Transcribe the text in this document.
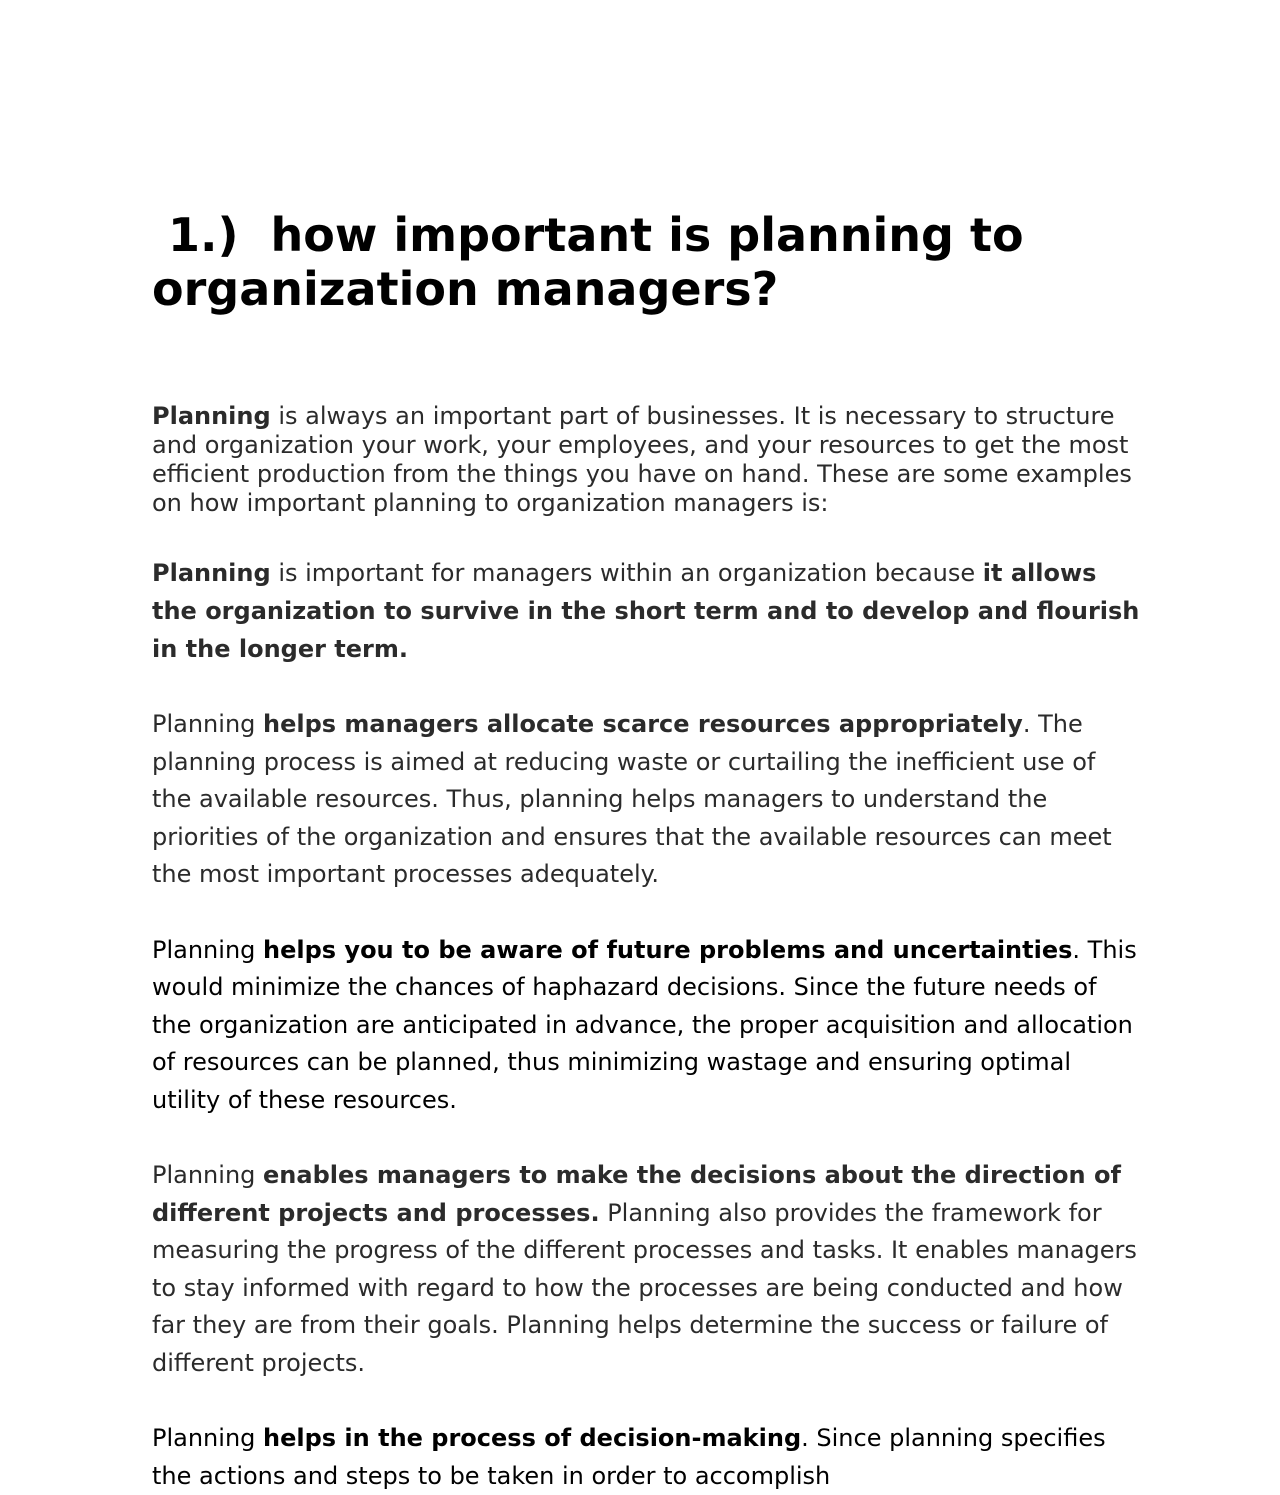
1.)  how important is planning to organization managers?

Planning is always an important part of businesses. It is necessary to structure and organization your work, your employees, and your resources to get the most efficient production from the things you have on hand. These are some examples on how important planning to organization managers is:

Planning is important for managers within an organization because it allows the organization to survive in the short term and to develop and flourish in the longer term.

Planning helps managers allocate scarce resources appropriately. The planning process is aimed at reducing waste or curtailing the inefficient use of the available resources. Thus, planning helps managers to understand the priorities of the organization and ensures that the available resources can meet the most important processes adequately.

Planning helps you to be aware of future problems and uncertainties. This would minimize the chances of haphazard decisions. Since the future needs of the organization are anticipated in advance, the proper acquisition and allocation of resources can be planned, thus minimizing wastage and ensuring optimal utility of these resources.

Planning enables managers to make the decisions about the direction of different projects and processes. Planning also provides the framework for measuring the progress of the different processes and tasks. It enables managers to stay informed with regard to how the processes are being conducted and how far they are from their goals. Planning helps determine the success or failure of different projects.

Planning helps in the process of decision-making. Since planning specifies the actions and steps to be taken in order to accomplish
